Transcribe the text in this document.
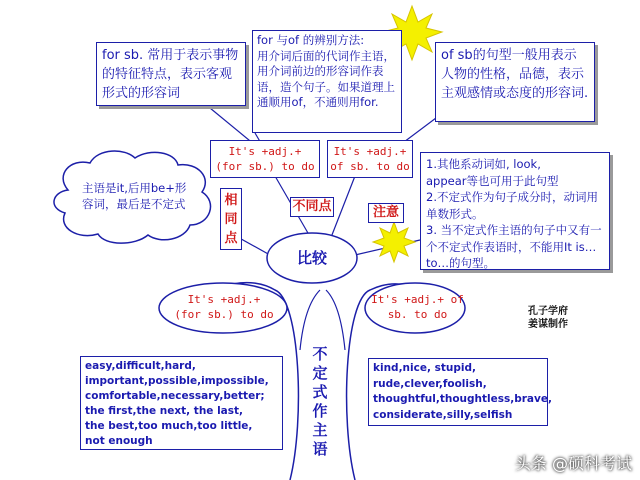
for sb. 常用于表示事物的特征特点，表示客观形式的形容词
for 与of 的辨别方法:
用介词后面的代词作主语，用介词前边的形容词作表语，造个句子。如果道理上通顺用of，不通则用for.
of sb的句型一般用表示人物的性格，品德，表示主观感情或态度的形容词.
It's +adj.+
(for sb.) to do
It's +adj.+
of sb. to do
主语是it,后用be+形容词，最后是不定式	相
同
点
不同点	注意
1.其他系动词如, look,
appear等也可用于此句型
2.不定式作为句子成分时，动词用单数形式。
3. 当不定式作主语的句子中又有一个不定式作表语时，不能用It is… to…的句型。
比较
It's +adj.+
(for sb.) to do
It's +adj.+ of
sb. to do	孔子学府
姜谋制作
不
定
式
作
主
语
easy,difficult,hard,
important,possible,impossible,
comfortable,necessary,better;
the first,the next, the last,
the best,too much,too little,
not enough
kind,nice, stupid,
rude,clever,foolish,
thoughtful,thoughtless,brave,
considerate,silly,selfish
头条 @硕科考试
